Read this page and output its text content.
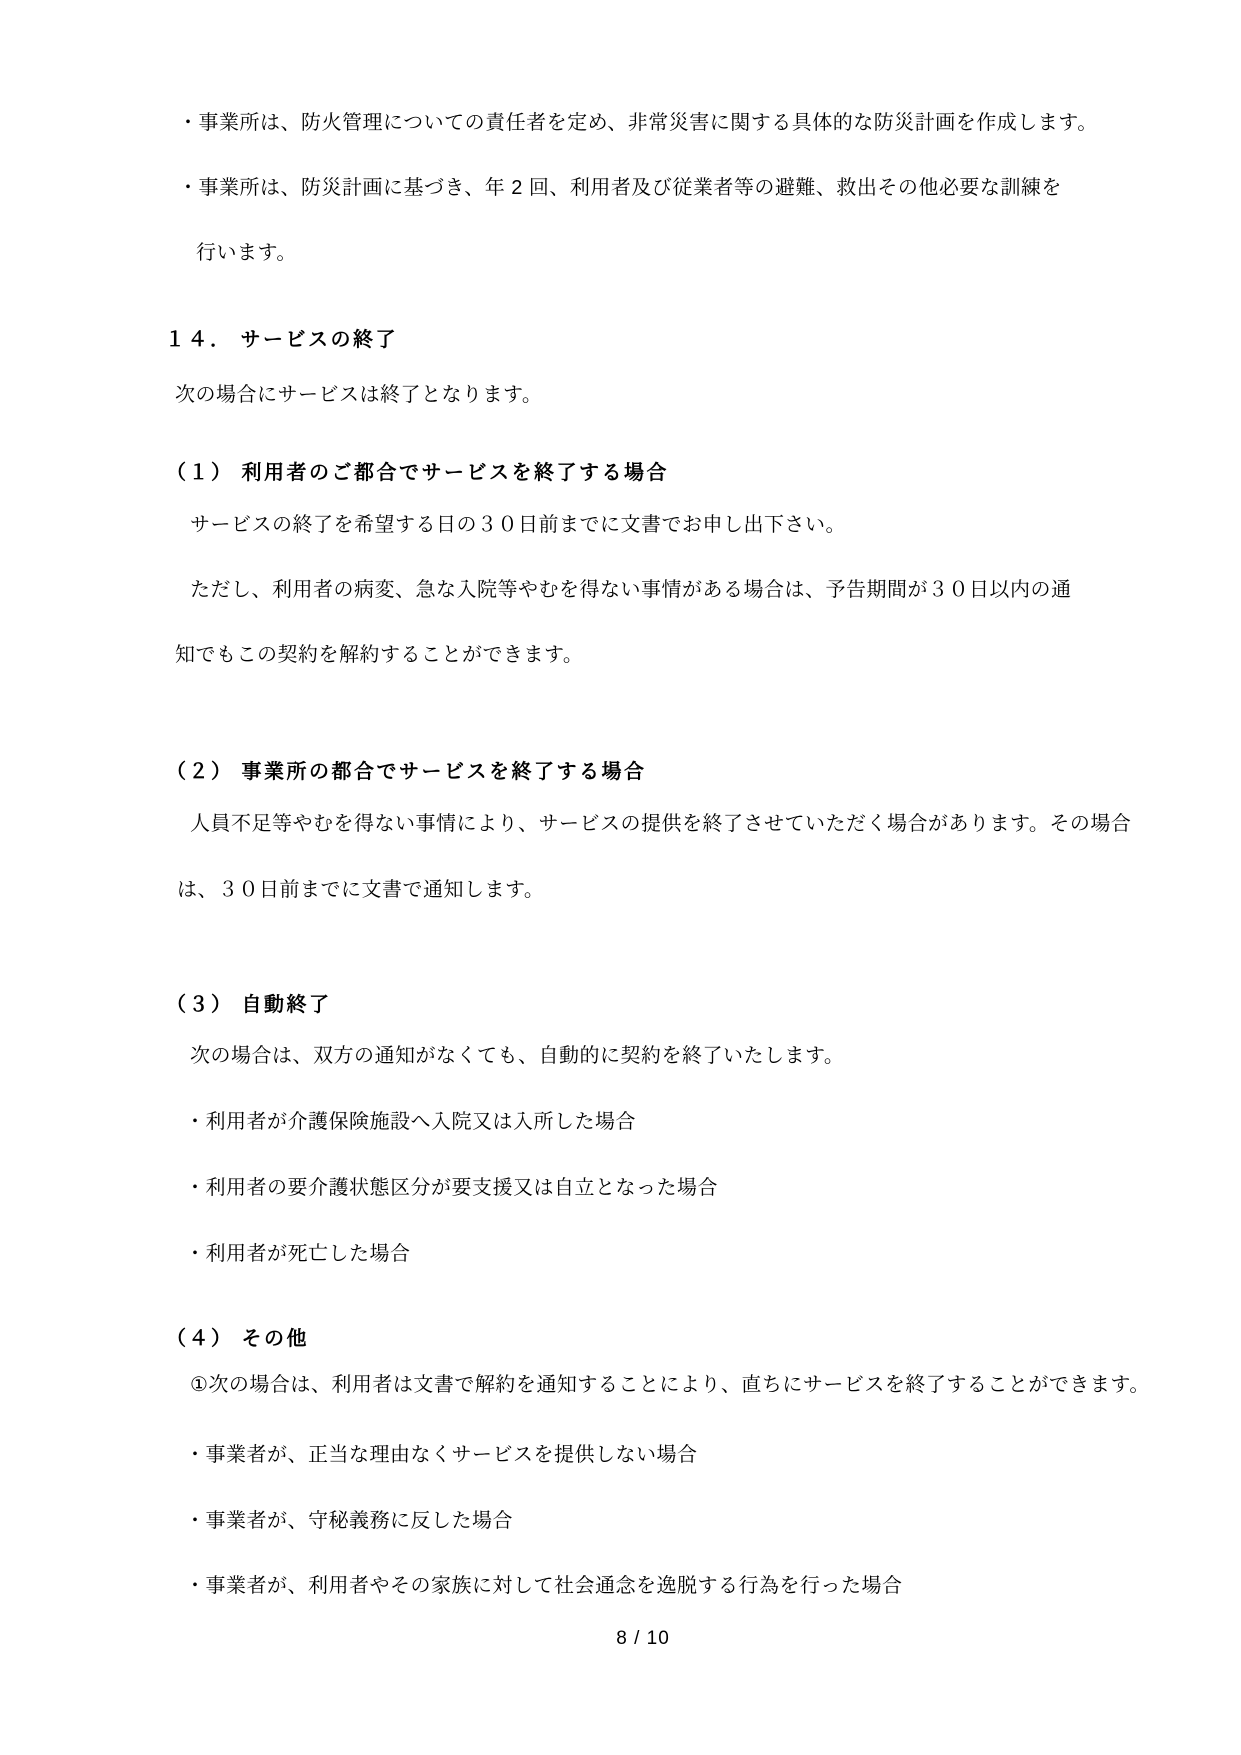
・事業所は、防火管理についての責任者を定め、非常災害に関する具体的な防災計画を作成します。
・事業所は、防災計画に基づき、年 2 回、利用者及び従業者等の避難、救出その他必要な訓練を
行います。
１４． サービスの終了
次の場合にサービスは終了となります。
（１） 利用者のご都合でサービスを終了する場合
サービスの終了を希望する日の３０日前までに文書でお申し出下さい。
ただし、利用者の病変、急な入院等やむを得ない事情がある場合は、予告期間が３０日以内の通
知でもこの契約を解約することができます。
（２） 事業所の都合でサービスを終了する場合
人員不足等やむを得ない事情により、サービスの提供を終了させていただく場合があります。その場合
は、３０日前までに文書で通知します。
（３） 自動終了
次の場合は、双方の通知がなくても、自動的に契約を終了いたします。
・利用者が介護保険施設へ入院又は入所した場合
・利用者の要介護状態区分が要支援又は自立となった場合
・利用者が死亡した場合
（４） その他
①次の場合は、利用者は文書で解約を通知することにより、直ちにサービスを終了することができます。
・事業者が、正当な理由なくサービスを提供しない場合
・事業者が、守秘義務に反した場合
・事業者が、利用者やその家族に対して社会通念を逸脱する行為を行った場合
8 / 10
